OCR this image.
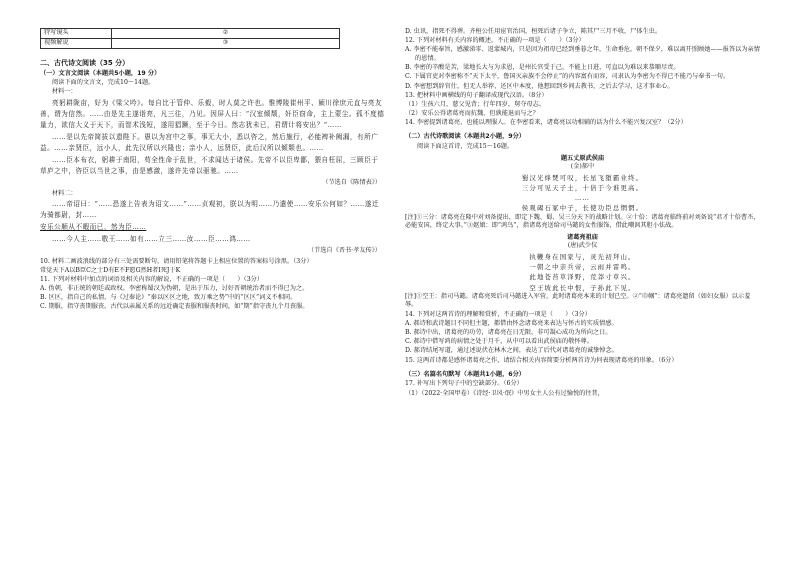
特写镜头	②
视频解说	③
二、古代诗文阅读（35 分）
（一）文言文阅读（本题共5小题，19 分）
阅读下面的文言文，完成10～14题。
材料一：
亮躬耕陇亩，好为《梁父吟》。每自比于管仲、乐毅，时人莫之许也。惟博陵崔州平、颍川徐庶元直与亮友善，谓为信然。……由是先主遂诣亮，凡三往，乃见。因屏人曰：“汉室倾颓，奸臣窃命，主上蒙尘。孤不度德量力，欲信大义于天下，而智术浅短，遂用猖蹶，至于今日。然志犹未已，君谓计将安出？”……
……是以先帝简拔以遗陛下。愚以为宫中之事，事无大小，悉以咨之，然后施行，必能裨补阙漏，有所广益。……亲贤臣，远小人，此先汉所以兴隆也；亲小人，远贤臣，此后汉所以倾颓也。……
……臣本布衣，躬耕于南阳，苟全性命于乱世，不求闻达于诸侯。先帝不以臣卑鄙，猥自枉屈，三顾臣于草庐之中，咨臣以当世之事，由是感激，遂许先帝以驱驰。……
（节选自《陈情表》）
材料二：
……帝诏曰：“……恐遂上告表为诏文……”……贞观初，朕以为明……乃遣使……安乐公何如？……遂迁为骑都尉，封……
安乐公顺从不暇而已，然为臣……
……今人主……敬王……如有……立三……汝……臣……鸿……
（节选自《晋书·孝友传》）
10. 材料二画波浪线的部分有三处需要断句，请用铅笔将答题卡上相应位置的答案标号涂黑。（3分）
常觉天下A以B臣C之士D有E不F愿G然H者I死J于K
11. 下列对材料中加点的词语及相关内容的解说，不正确的一项是（　　）（3分）
A. 伪朝，非正统的朝廷或政权。李密称蜀汉为伪朝，是出于压力，讨好晋朝统治者而不得已为之。
B. 区区，指自己的私情，与《过秦论》“秦以区区之地，致万乘之势”中的“区区”词义不相同。
C. 期服，指守丧期服丧。古代以亲属关系的远近确定丧服和服丧时间，如“期”指守丧九个月丧服。
D. 虫讯，指死不得葬。齐桓公任用宦官治国，桓死后诸子争立，陈其尸三月不收，尸体生虫。
12. 下列对材料有关内容的概述，不正确的一项是（　　）（3分）
A. 李密不能奉旨，感激涕零、返蒙城内，只是因为祖母已经到垂暮之年，生命垂危，朝不保夕，难以离开照顾她——报答以为亲情的恩情。
B. 李密的辛酸是苦，梁地长大与为求恩，是州长官受于己，不能上日进，可直以为难以来恭顺尽责。
C. 下属官吏对李密称不“天下太平，鲁国灭亲族不会停止”的内容富有而容，司隶认为李密为不得已不能乃与奉书一句。
D. 李密想到辞官仕，但无人举荐，还区中本度，他想回到乡间去教书，之后去学习，这才事业心。
13. 把材料中画横线的句子翻译成现代汉语。（8分）
（1）生孩六月，慈父见背；行年四岁，舅夺母志。
（2）安乐公得诸葛亮而抗魏，但孰能退而与之？
14. 李密提到诸葛亮，也能以理服人。在李密看来，诸葛亮以功相辅的话为什么不能兴复汉室？（2分）
（二）古代诗歌阅读（本题共2小题，9分）
阅读下面这首诗，完成15～16题。
题五丈原武侯庙
(金)郝中
蜀汉光烽燹可叹，长星飞堕霸业终。
三分可见天子土，十倍于今谁更高。
……
侯观碣石冢中子，长使功臣总惘惘。
[注]①三分：诸葛亮在隆中对刘备提出，即定下魏、蜀、吴三分天下的战略计划。②十倍：诸葛亮临终前对刘备说“君才十倍曹丕，必能安国，终定大事。”③妪娘：即“鸿鸟”，指诸葛亮送给司马懿的女性服饰，借此嘲讽其胆小怯战。
诸葛亮祖庙
(唐)武少仪
执鞭身在国家与，灵光初拜山。
一朝之中亲兵帝，云雨并雷鸣。
此地苍苔草泽野，荒莽寸草兴。
空王坡此长中恨，子孙此下见。
[注]①空王：指司马懿。诸葛亮死后司马懿进入军营，此时诸葛亮本来的计划已空。②“巾帼”：诸葛亮遗留（如妇女服）以示羞辱。
14. 下列对这两首诗的理解和赏析，不正确的一项是（　　）（3分）
A. 郝诗和武诗题目不同但主题，都借由怀念诸葛亮来表达与怀古的实质情感。
B. 郝诗中出，诸葛亮的功劳，诸葛亮在日无限，非可凝心成功为所向之日。
C. 郝诗中借写鸿的病情之处于月千，从中可以看出武侯庙的敬怀尊。
D. 郝诗结尾写道，通过述说伏在林木之间，表达了后代对诸葛亮的诚挚悼念。
15. 这两首诗都是感怀诸葛亮之作，请结合相关内容简要分析两首诗为何表现诸葛亮的形象。（6分）
（三）名篇名句默写（本题共1小题，6分）
17. 补写出下列句子中的空缺部分。（6分）
（1）（2022·全国甲卷）《诗经·卫风·氓》中男女主人公有过愉悦的往昔，
